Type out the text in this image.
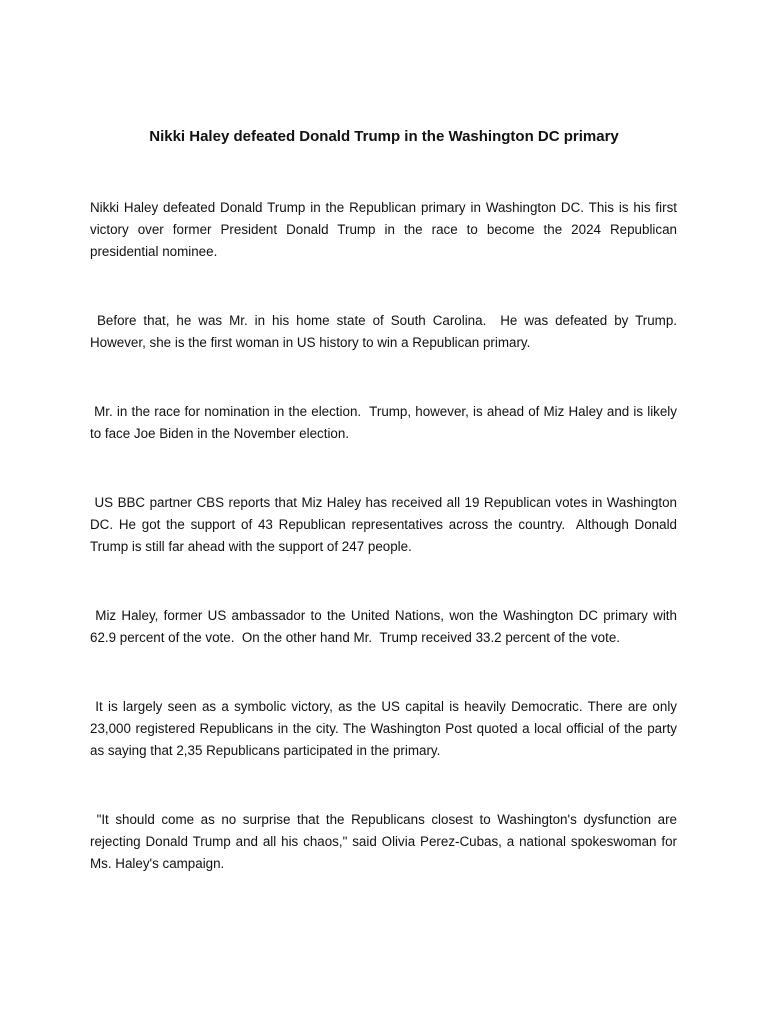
Nikki Haley defeated Donald Trump in the Washington DC primary

Nikki Haley defeated Donald Trump in the Republican primary in Washington DC. This is his first victory over former President Donald Trump in the race to become the 2024 Republican presidential nominee.

Before that, he was Mr. in his home state of South Carolina.  He was defeated by Trump. However, she is the first woman in US history to win a Republican primary.

Mr. in the race for nomination in the election.  Trump, however, is ahead of Miz Haley and is likely to face Joe Biden in the November election.

US BBC partner CBS reports that Miz Haley has received all 19 Republican votes in Washington DC. He got the support of 43 Republican representatives across the country.  Although Donald Trump is still far ahead with the support of 247 people.

Miz Haley, former US ambassador to the United Nations, won the Washington DC primary with 62.9 percent of the vote.  On the other hand Mr.  Trump received 33.2 percent of the vote.

It is largely seen as a symbolic victory, as the US capital is heavily Democratic. There are only 23,000 registered Republicans in the city. The Washington Post quoted a local official of the party as saying that 2,35 Republicans participated in the primary.

"It should come as no surprise that the Republicans closest to Washington's dysfunction are rejecting Donald Trump and all his chaos," said Olivia Perez-Cubas, a national spokeswoman for Ms. Haley's campaign.
